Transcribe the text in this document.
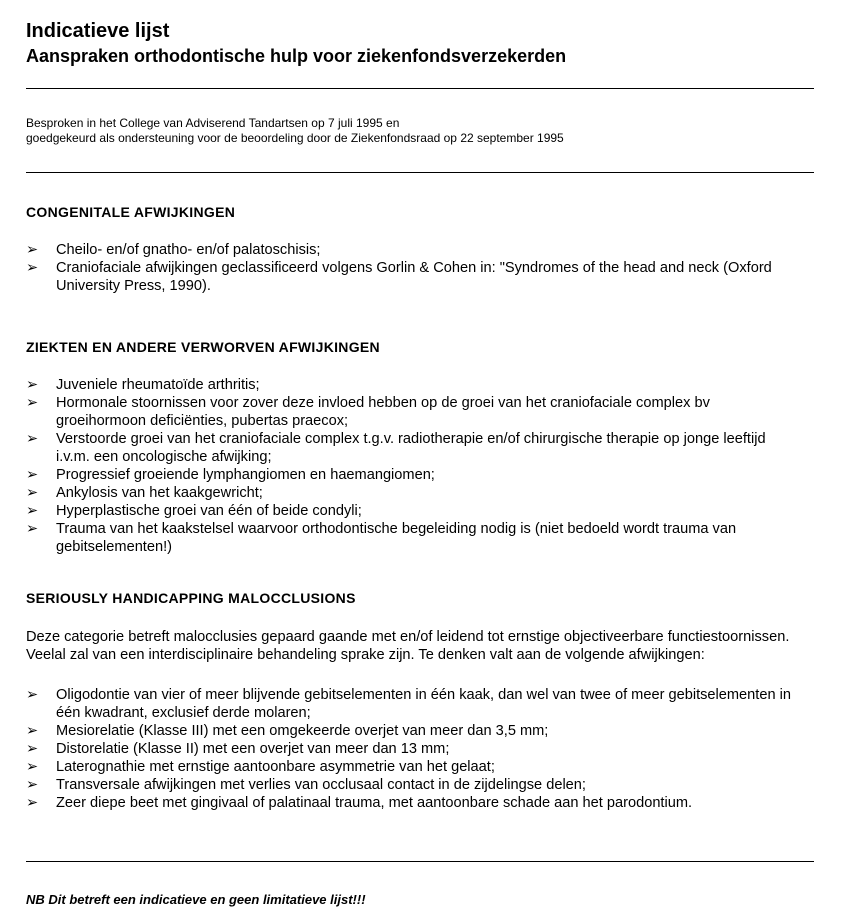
Indicatieve lijst
Aanspraken orthodontische hulp voor ziekenfondsverzekerden
Besproken in het College van Adviserend Tandartsen op 7 juli 1995 en
goedgekeurd als ondersteuning voor de beoordeling door de Ziekenfondsraad op 22 september 1995
CONGENITALE AFWIJKINGEN
➢	Cheilo- en/of gnatho- en/of palatoschisis;
➢	Craniofaciale afwijkingen geclassificeerd volgens Gorlin & Cohen in: "Syndromes of the head and neck (Oxford University Press, 1990).
ZIEKTEN EN ANDERE VERWORVEN AFWIJKINGEN
➢	Juveniele rheumatoïde arthritis;
➢	Hormonale stoornissen voor zover deze invloed hebben op de groei van het craniofaciale complex bv groeihormoon deficiënties, pubertas praecox;
➢	Verstoorde groei van het craniofaciale complex t.g.v. radiotherapie en/of chirurgische therapie op jonge leeftijd i.v.m. een oncologische afwijking;
➢	Progressief groeiende lymphangiomen en haemangiomen;
➢	Ankylosis van het kaakgewricht;
➢	Hyperplastische groei van één of beide condyli;
➢	Trauma van het kaakstelsel waarvoor orthodontische begeleiding nodig is (niet bedoeld wordt trauma van gebitselementen!)
SERIOUSLY HANDICAPPING MALOCCLUSIONS
Deze categorie betreft malocclusies gepaard gaande met en/of leidend tot ernstige objectiveerbare functiestoornissen. Veelal zal van een interdisciplinaire behandeling sprake zijn. Te denken valt aan de volgende afwijkingen:
➢	Oligodontie van vier of meer blijvende gebitselementen in één kaak, dan wel van twee of meer gebitselementen in één kwadrant, exclusief derde molaren;
➢	Mesiorelatie (Klasse III) met een omgekeerde overjet van meer dan 3,5 mm;
➢	Distorelatie (Klasse II) met een overjet van meer dan 13 mm;
➢	Laterognathie met ernstige aantoonbare asymmetrie van het gelaat;
➢	Transversale afwijkingen met verlies van occlusaal contact in de zijdelingse delen;
➢	Zeer diepe beet met gingivaal of palatinaal trauma, met aantoonbare schade aan het parodontium.
NB Dit betreft een indicatieve en geen limitatieve lijst!!!
